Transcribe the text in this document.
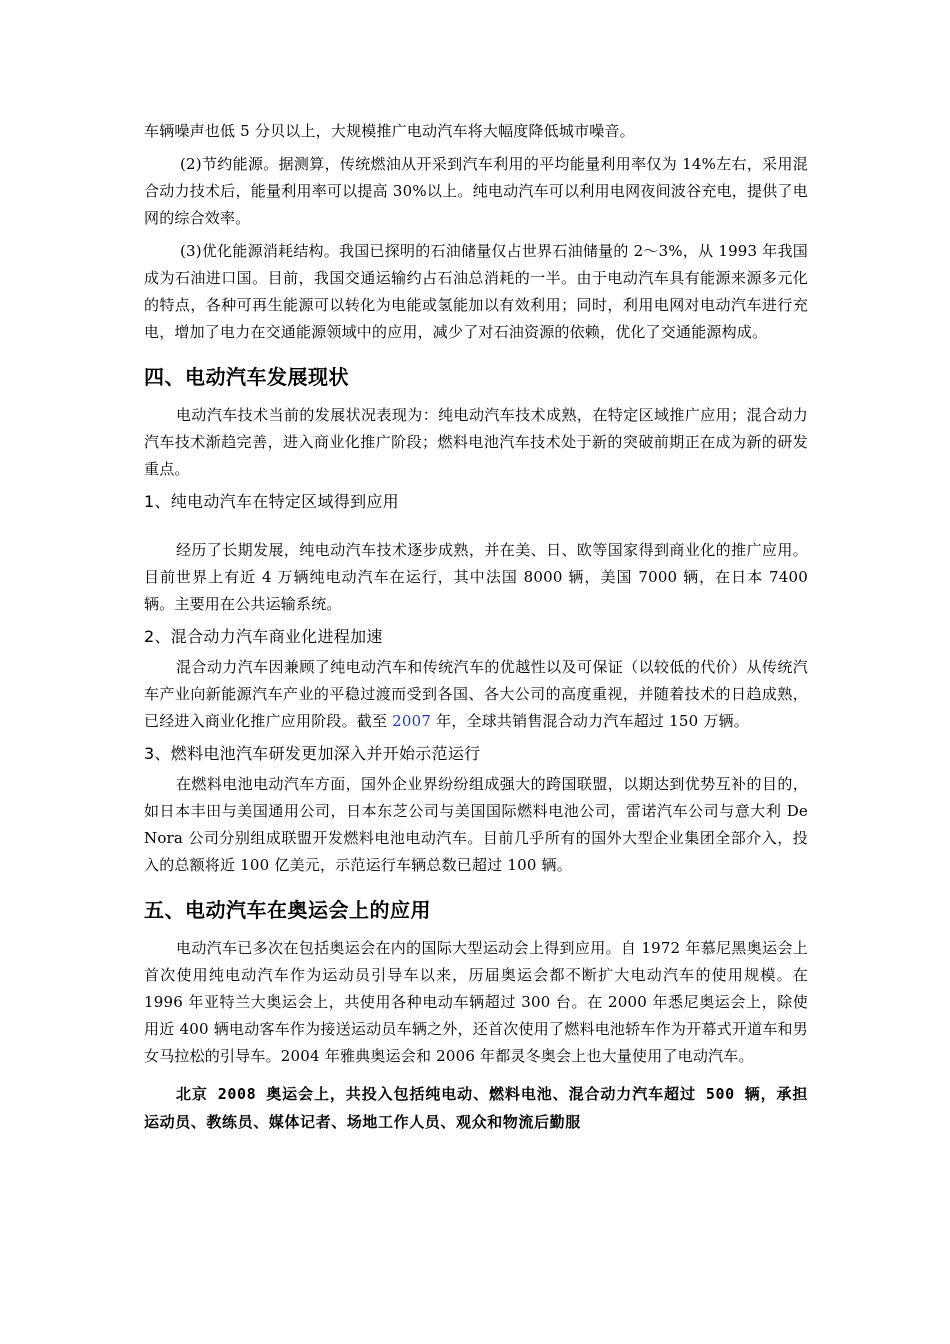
车辆噪声也低 5 分贝以上，大规模推广电动汽车将大幅度降低城市噪音。

(2)节约能源。据测算，传统燃油从开采到汽车利用的平均能量利用率仅为 14%左右，采用混合动力技术后，能量利用率可以提高 30%以上。纯电动汽车可以利用电网夜间波谷充电，提供了电网的综合效率。

(3)优化能源消耗结构。我国已探明的石油储量仅占世界石油储量的 2～3%，从 1993 年我国成为石油进口国。目前，我国交通运输约占石油总消耗的一半。由于电动汽车具有能源来源多元化的特点，各种可再生能源可以转化为电能或氢能加以有效利用；同时，利用电网对电动汽车进行充电，增加了电力在交通能源领域中的应用，减少了对石油资源的依赖，优化了交通能源构成。

四、电动汽车发展现状

电动汽车技术当前的发展状况表现为：纯电动汽车技术成熟，在特定区域推广应用；混合动力汽车技术渐趋完善，进入商业化推广阶段；燃料电池汽车技术处于新的突破前期正在成为新的研发重点。

1、纯电动汽车在特定区域得到应用

经历了长期发展，纯电动汽车技术逐步成熟，并在美、日、欧等国家得到商业化的推广应用。目前世界上有近 4 万辆纯电动汽车在运行，其中法国 8000 辆，美国 7000 辆，在日本 7400 辆。主要用在公共运输系统。

2、混合动力汽车商业化进程加速

混合动力汽车因兼顾了纯电动汽车和传统汽车的优越性以及可保证（以较低的代价）从传统汽车产业向新能源汽车产业的平稳过渡而受到各国、各大公司的高度重视，并随着技术的日趋成熟，已经进入商业化推广应用阶段。截至 2007 年，全球共销售混合动力汽车超过 150 万辆。

3、燃料电池汽车研发更加深入并开始示范运行

在燃料电池电动汽车方面，国外企业界纷纷组成强大的跨国联盟，以期达到优势互补的目的，如日本丰田与美国通用公司，日本东芝公司与美国国际燃料电池公司，雷诺汽车公司与意大利 De Nora 公司分别组成联盟开发燃料电池电动汽车。目前几乎所有的国外大型企业集团全部介入，投入的总额将近 100 亿美元，示范运行车辆总数已超过 100 辆。

五、电动汽车在奥运会上的应用

电动汽车已多次在包括奥运会在内的国际大型运动会上得到应用。自 1972 年慕尼黑奥运会上首次使用纯电动汽车作为运动员引导车以来，历届奥运会都不断扩大电动汽车的使用规模。在 1996 年亚特兰大奥运会上，共使用各种电动车辆超过 300 台。在 2000 年悉尼奥运会上，除使用近 400 辆电动客车作为接送运动员车辆之外，还首次使用了燃料电池轿车作为开幕式开道车和男女马拉松的引导车。2004 年雅典奥运会和 2006 年都灵冬奥会上也大量使用了电动汽车。

北京 2008 奥运会上，共投入包括纯电动、燃料电池、混合动力汽车超过 500 辆，承担运动员、教练员、媒体记者、场地工作人员、观众和物流后勤服
